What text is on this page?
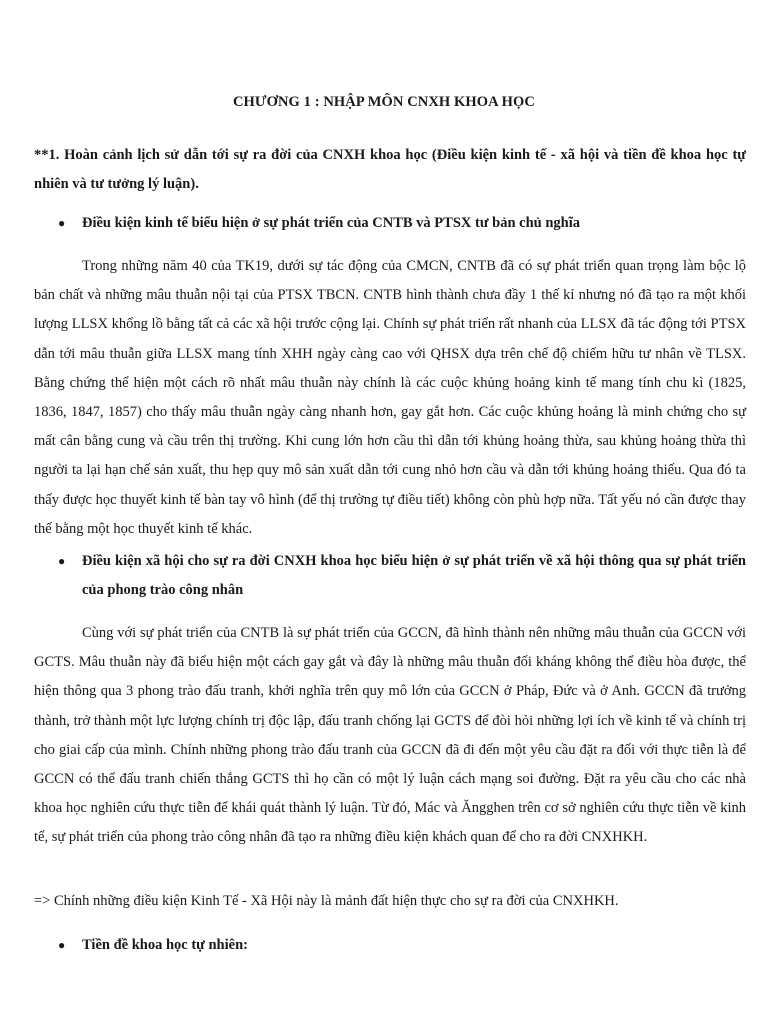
CHƯƠNG 1 : NHẬP MÔN CNXH KHOA HỌC
**1. Hoàn cảnh lịch sử dẫn tới sự ra đời của CNXH khoa học (Điều kiện kinh tế - xã hội và tiền đề khoa học tự nhiên và tư tưởng lý luận).
●	Điều kiện kinh tế biểu hiện ở sự phát triển của CNTB và PTSX tư bản chủ nghĩa
Trong những năm 40 của TK19, dưới sự tác động của CMCN, CNTB đã có sự phát triển quan trọng làm bộc lộ bản chất và những mâu thuẫn nội tại của PTSX TBCN. CNTB hình thành chưa đầy 1 thế kỉ nhưng nó đã tạo ra một khối lượng LLSX khổng lồ bằng tất cả các xã hội trước cộng lại. Chính sự phát triển rất nhanh của LLSX đã tác động tới PTSX dẫn tới mâu thuẫn giữa LLSX mang tính XHH ngày càng cao với QHSX dựa trên chế độ chiếm hữu tư nhân về TLSX. Bằng chứng thể hiện một cách rõ nhất mâu thuẫn này chính là các cuộc khủng hoảng kinh tế mang tính chu kì (1825, 1836, 1847, 1857) cho thấy mâu thuẫn ngày càng nhanh hơn, gay gắt hơn. Các cuộc khủng hoảng là minh chứng cho sự mất cân bằng cung và cầu trên thị trường. Khi cung lớn hơn cầu thì dẫn tới khủng hoảng thừa, sau khủng hoảng thừa thì người ta lại hạn chế sản xuất, thu hẹp quy mô sản xuất dẫn tới cung nhỏ hơn cầu và dẫn tới khủng hoảng thiếu. Qua đó ta thấy được học thuyết kinh tế bàn tay vô hình (để thị trường tự điều tiết) không còn phù hợp nữa. Tất yếu nó cần được thay thế bằng một học thuyết kinh tế khác.
●	Điều kiện xã hội cho sự ra đời CNXH khoa học biểu hiện ở sự phát triển về xã hội thông qua sự phát triển của phong trào công nhân
Cùng với sự phát triển của CNTB là sự phát triển của GCCN, đã hình thành nên những mâu thuẫn của GCCN với GCTS. Mâu thuẫn này đã biểu hiện một cách gay gắt và đây là những mâu thuẫn đối kháng không thể điều hòa được, thể hiện thông qua 3 phong trào đấu tranh, khởi nghĩa trên quy mô lớn của GCCN ở Pháp, Đức và ở Anh. GCCN đã trưởng thành, trở thành một lực lượng chính trị độc lập, đấu tranh chống lại GCTS để đòi hỏi những lợi ích về kinh tế và chính trị cho giai cấp của mình. Chính những phong trào đấu tranh của GCCN đã đi đến một yêu cầu đặt ra đối với thực tiễn là để GCCN có thể đấu tranh chiến thắng GCTS thì họ cần có một lý luận cách mạng soi đường. Đặt ra yêu cầu cho các nhà khoa học nghiên cứu thực tiễn để khái quát thành lý luận. Từ đó, Mác và Ăngghen trên cơ sở nghiên cứu thực tiễn về kinh tế, sự phát triển của phong trào công nhân đã tạo ra những điều kiện khách quan để cho ra đời CNXHKH.
=> Chính những điều kiện Kinh Tế - Xã Hội này là mảnh đất hiện thực cho sự ra đời của CNXHKH.
●	Tiền đề khoa học tự nhiên:
